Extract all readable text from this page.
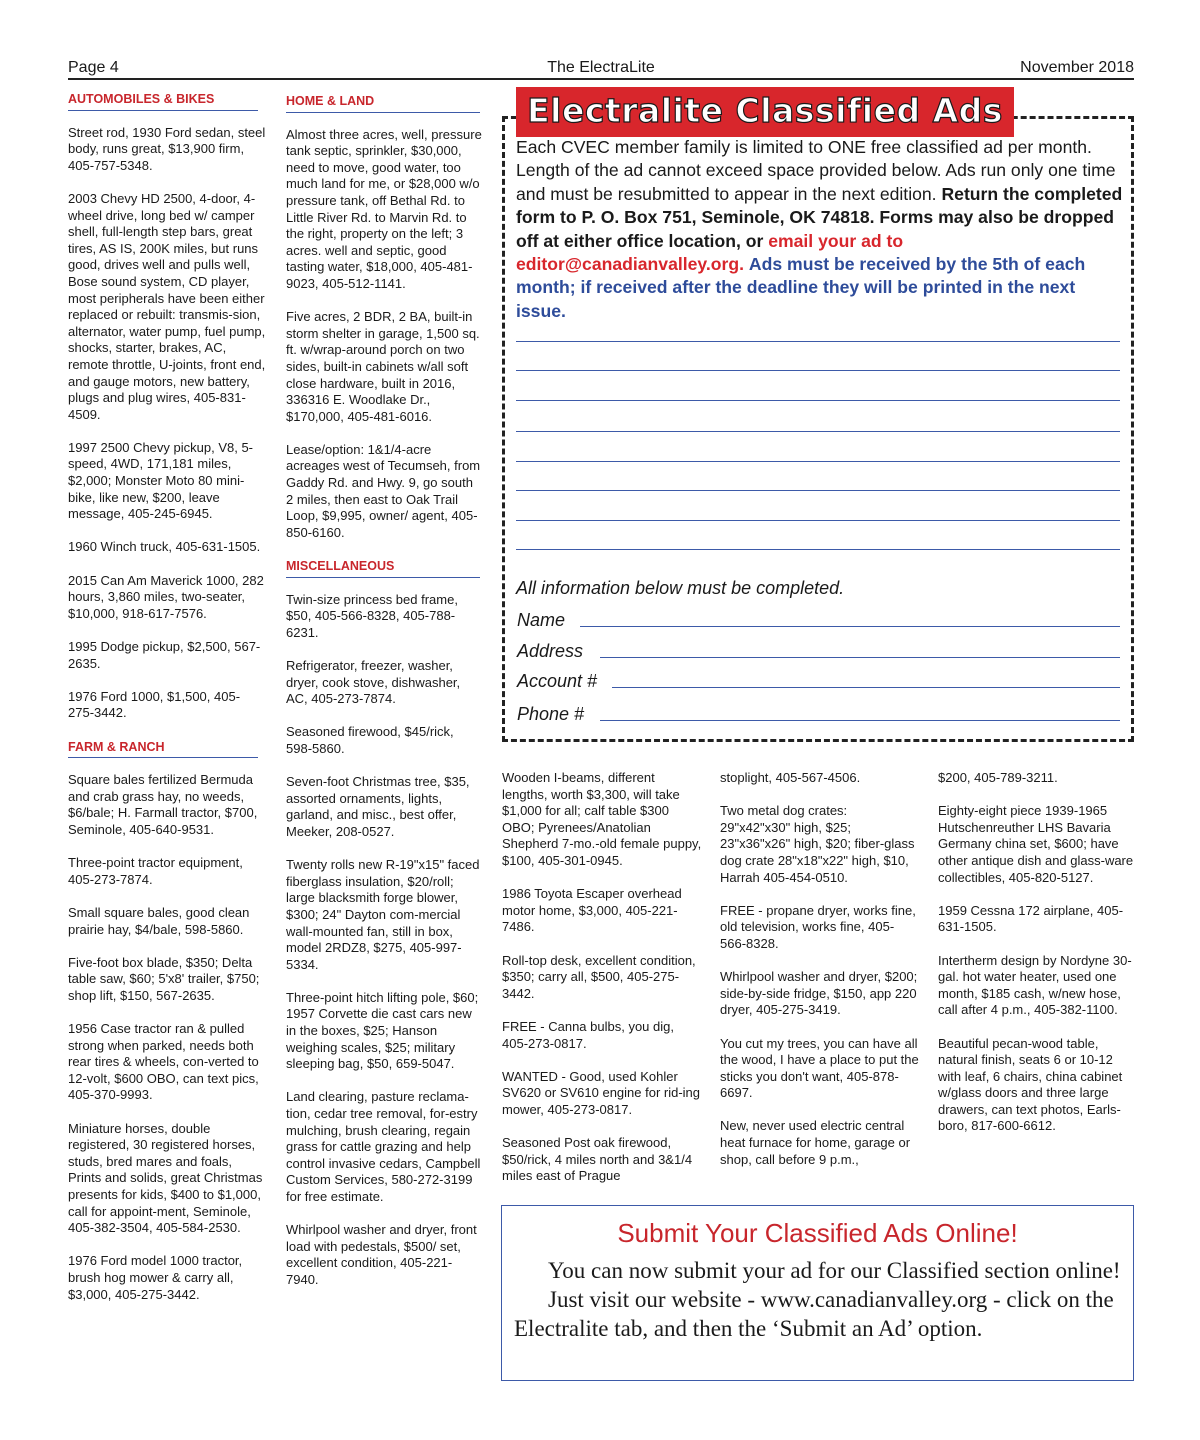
Page 4	The ElectraLite	November 2018
AUTOMOBILES & BIKES

Street rod, 1930 Ford sedan, steel body, runs great, $13,900 firm, 405-757-5348.

2003 Chevy HD 2500, 4-door, 4-wheel drive, long bed w/ camper shell, full-length step bars, great tires, AS IS, 200K miles, but runs good, drives well and pulls well, Bose sound system, CD player, most peripherals have been either replaced or rebuilt: transmis-sion, alternator, water pump, fuel pump, shocks, starter, brakes, AC, remote throttle, U-joints, front end, and gauge motors, new battery, plugs and plug wires, 405-831-4509.

1997 2500 Chevy pickup, V8, 5-speed, 4WD, 171,181 miles, $2,000; Monster Moto 80 mini-bike, like new, $200, leave message, 405-245-6945.

1960 Winch truck, 405-631-1505.

2015 Can Am Maverick 1000, 282 hours, 3,860 miles, two-seater, $10,000, 918-617-7576.

1995 Dodge pickup, $2,500, 567-2635.

1976 Ford 1000, $1,500, 405-275-3442.

FARM & RANCH

Square bales fertilized Bermuda and crab grass hay, no weeds, $6/bale; H. Farmall tractor, $700, Seminole, 405-640-9531.

Three-point tractor equipment, 405-273-7874.

Small square bales, good clean prairie hay, $4/bale, 598-5860.

Five-foot box blade, $350; Delta table saw, $60; 5'x8' trailer, $750; shop lift, $150, 567-2635.

1956 Case tractor ran & pulled strong when parked, needs both rear tires & wheels, con-verted to 12-volt, $600 OBO, can text pics, 405-370-9993.

Miniature horses, double registered, 30 registered horses, studs, bred mares and foals, Prints and solids, great Christmas presents for kids, $400 to $1,000, call for appoint-ment, Seminole, 405-382-3504, 405-584-2530.

1976 Ford model 1000 tractor, brush hog mower & carry all, $3,000, 405-275-3442.

HOME & LAND

Almost three acres, well, pressure tank septic, sprinkler, $30,000, need to move, good water, too much land for me, or $28,000 w/o pressure tank, off Bethal Rd. to Little River Rd. to Marvin Rd. to the right, property on the left; 3 acres. well and septic, good tasting water, $18,000, 405-481-9023, 405-512-1141.

Five acres, 2 BDR, 2 BA, built-in storm shelter in garage, 1,500 sq. ft. w/wrap-around porch on two sides, built-in cabinets w/all soft close hardware, built in 2016, 336316 E. Woodlake Dr., $170,000, 405-481-6016.

Lease/option: 1&1/4-acre acreages west of Tecumseh, from Gaddy Rd. and Hwy. 9, go south 2 miles, then east to Oak Trail Loop, $9,995, owner/ agent, 405-850-6160.

MISCELLANEOUS

Twin-size princess bed frame, $50, 405-566-8328, 405-788-6231.

Refrigerator, freezer, washer, dryer, cook stove, dishwasher, AC, 405-273-7874.

Seasoned firewood, $45/rick, 598-5860.

Seven-foot Christmas tree, $35, assorted ornaments, lights, garland, and misc., best offer, Meeker, 208-0527.

Twenty rolls new R-19"x15" faced fiberglass insulation, $20/roll; large blacksmith forge blower, $300; 24" Dayton com-mercial wall-mounted fan, still in box, model 2RDZ8, $275, 405-997-5334.

Three-point hitch lifting pole, $60; 1957 Corvette die cast cars new in the boxes, $25; Hanson weighing scales, $25; military sleeping bag, $50, 659-5047.

Land clearing, pasture reclama-tion, cedar tree removal, for-estry mulching, brush clearing, regain grass for cattle grazing and help control invasive cedars, Campbell Custom Services, 580-272-3199 for free estimate.

Whirlpool washer and dryer, front load with pedestals, $500/ set, excellent condition, 405-221-7940.

Electralite Classified Ads
Each CVEC member family is limited to ONE free classified ad per month. Length of the ad cannot exceed space provided below. Ads run only one time and must be resubmitted to appear in the next edition. Return the completed form to P. O. Box 751, Seminole, OK 74818. Forms may also be dropped off at either office location, or email your ad to editor@canadianvalley.org. Ads must be received by the 5th of each month; if received after the deadline they will be printed in the next issue.
All information below must be completed.
Name
Address
Account #
Phone #

Wooden I-beams, different lengths, worth $3,300, will take $1,000 for all; calf table $300 OBO; Pyrenees/Anatolian Shepherd 7-mo.-old female puppy, $100, 405-301-0945.

1986 Toyota Escaper overhead motor home, $3,000, 405-221-7486.

Roll-top desk, excellent condition, $350; carry all, $500, 405-275-3442.

FREE - Canna bulbs, you dig, 405-273-0817.

WANTED - Good, used Kohler SV620 or SV610 engine for rid-ing mower, 405-273-0817.

Seasoned Post oak firewood, $50/rick, 4 miles north and 3&1/4 miles east of Prague

stoplight, 405-567-4506.

Two metal dog crates: 29"x42"x30" high, $25; 23"x36"x26" high, $20; fiber-glass dog crate 28"x18"x22" high, $10, Harrah 405-454-0510.

FREE - propane dryer, works fine, old television, works fine, 405-566-8328.

Whirlpool washer and dryer, $200; side-by-side fridge, $150, app 220 dryer, 405-275-3419.

You cut my trees, you can have all the wood, I have a place to put the sticks you don't want, 405-878-6697.

New, never used electric central heat furnace for home, garage or shop, call before 9 p.m.,

$200, 405-789-3211.

Eighty-eight piece 1939-1965 Hutschenreuther LHS Bavaria Germany china set, $600; have other antique dish and glass-ware collectibles, 405-820-5127.

1959 Cessna 172 airplane, 405-631-1505.

Intertherm design by Nordyne 30-gal. hot water heater, used one month, $185 cash, w/new hose, call after 4 p.m., 405-382-1100.

Beautiful pecan-wood table, natural finish, seats 6 or 10-12 with leaf, 6 chairs, china cabinet w/glass doors and three large drawers, can text photos, Earls-boro, 817-600-6612.

Submit Your Classified Ads Online!
You can now submit your ad for our Classified section online!
Just visit our website - www.canadianvalley.org - click on the Electralite tab, and then the ‘Submit an Ad’ option.
